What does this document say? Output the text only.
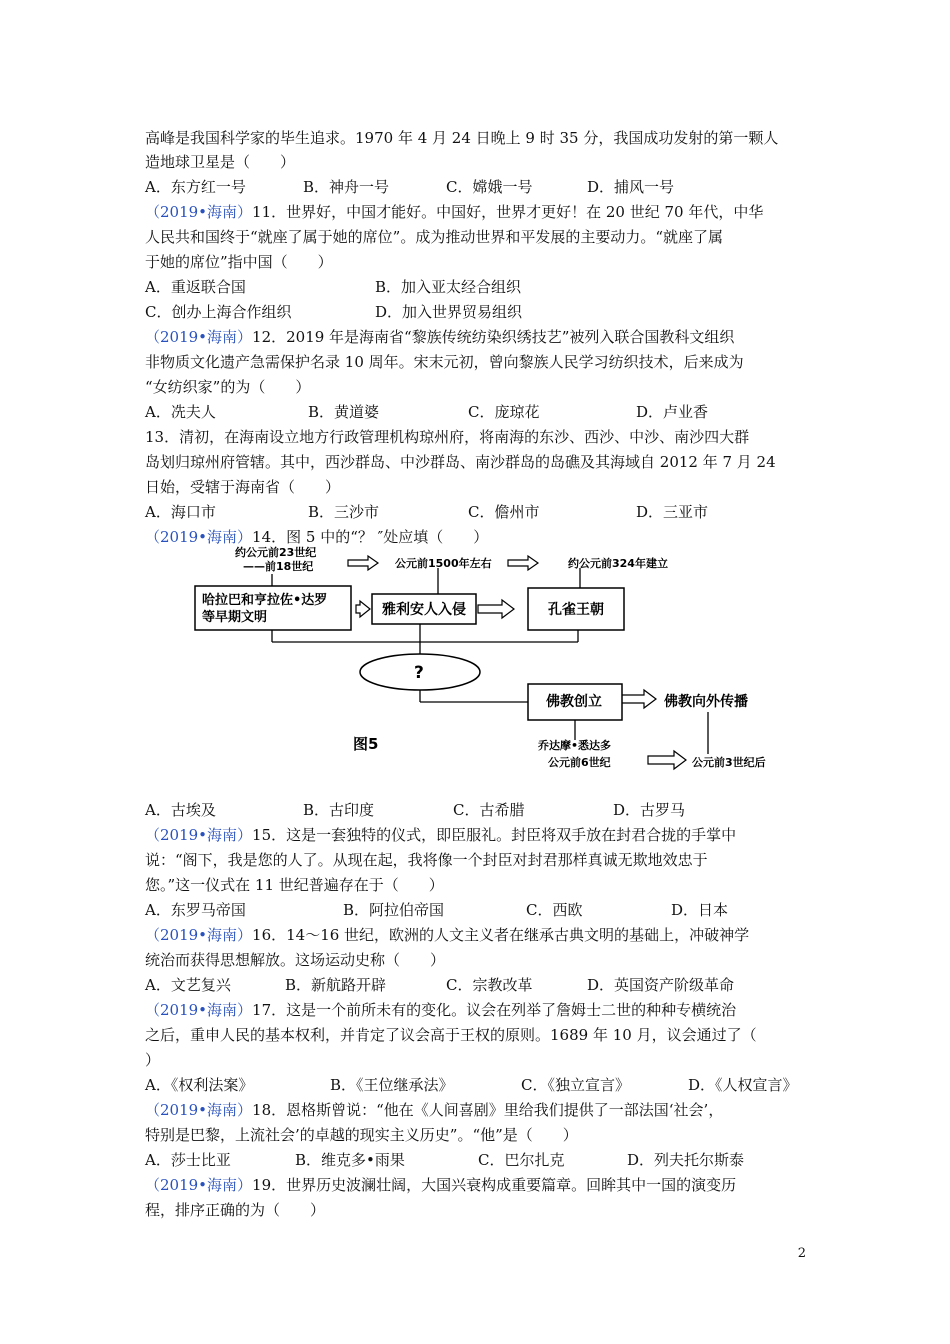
高峰是我国科学家的毕生追求。1970 年 4 月 24 日晚上 9 时 35 分，我国成功发射的第一颗人
造地球卫星是（　　）
A．东方红一号	B．神舟一号	C．嫦娥一号	D．捕风一号
（2019•海南）11．世界好，中国才能好。中国好，世界才更好！在 20 世纪 70 年代，中华
人民共和国终于“就座了属于她的席位”。成为推动世界和平发展的主要动力。“就座了属
于她的席位”指中国（　　）
A．重返联合国	B．加入亚太经合组织
C．创办上海合作组织	D．加入世界贸易组织
（2019•海南）12．2019 年是海南省“黎族传统纺染织绣技艺”被列入联合国教科文组织
非物质文化遗产急需保护名录 10 周年。宋末元初，曾向黎族人民学习纺织技术，后来成为
“女纺织家”的为（　　）
A．冼夫人	B．黄道婆	C．庞琼花	D．卢业香
13．清初，在海南设立地方行政管理机构琼州府，将南海的东沙、西沙、中沙、南沙四大群
岛划归琼州府管辖。其中，西沙群岛、中沙群岛、南沙群岛的岛礁及其海域自 2012 年 7 月 24
日始，受辖于海南省（　　）
A．海口市	B．三沙市	C．儋州市	D．三亚市
（2019•海南）14．图 5 中的“？ ″处应填（　　）
约公元前23世纪
——前18世纪	公元前1500年左右	约公元前324年建立
哈拉巴和亨拉佐•达罗
等早期文明	雅利安人入侵	孔雀王朝
?
佛教创立	佛教向外传播
图5	乔达摩•悉达多
公元前6世纪	公元前3世纪后
A．古埃及	B．古印度	C．古希腊	D．古罗马
（2019•海南）15．这是一套独特的仪式，即臣服礼。封臣将双手放在封君合拢的手掌中
说：“阁下，我是您的人了。从现在起，我将像一个封臣对封君那样真诚无欺地效忠于
您。”这一仪式在 11 世纪普遍存在于（　　）
A．东罗马帝国	B．阿拉伯帝国	C．西欧	D．日本
（2019•海南）16．14～16 世纪，欧洲的人文主义者在继承古典文明的基础上，冲破神学
统治而获得思想解放。这场运动史称（　　）
A．文艺复兴	B．新航路开辟	C．宗教改革	D．英国资产阶级革命
（2019•海南）17．这是一个前所未有的变化。议会在列举了詹姆士二世的种种专横统治
之后，重申人民的基本权利，并肯定了议会高于王权的原则。1689 年 10 月，议会通过了（
）
A．《权利法案》	B．《王位继承法》	C．《独立宣言》	D．《人权宣言》
（2019•海南）18．恩格斯曾说：“他在《人间喜剧》里给我们提供了一部法国‘社会’，
特别是巴黎，上流社会’的卓越的现实主义历史”。“他”是（　　）
A．莎士比亚	B．维克多•雨果	C．巴尔扎克	D．列夫托尔斯泰
（2019•海南）19．世界历史波澜壮阔，大国兴衰构成重要篇章。回眸其中一国的演变历
程，排序正确的为（　　）
2
